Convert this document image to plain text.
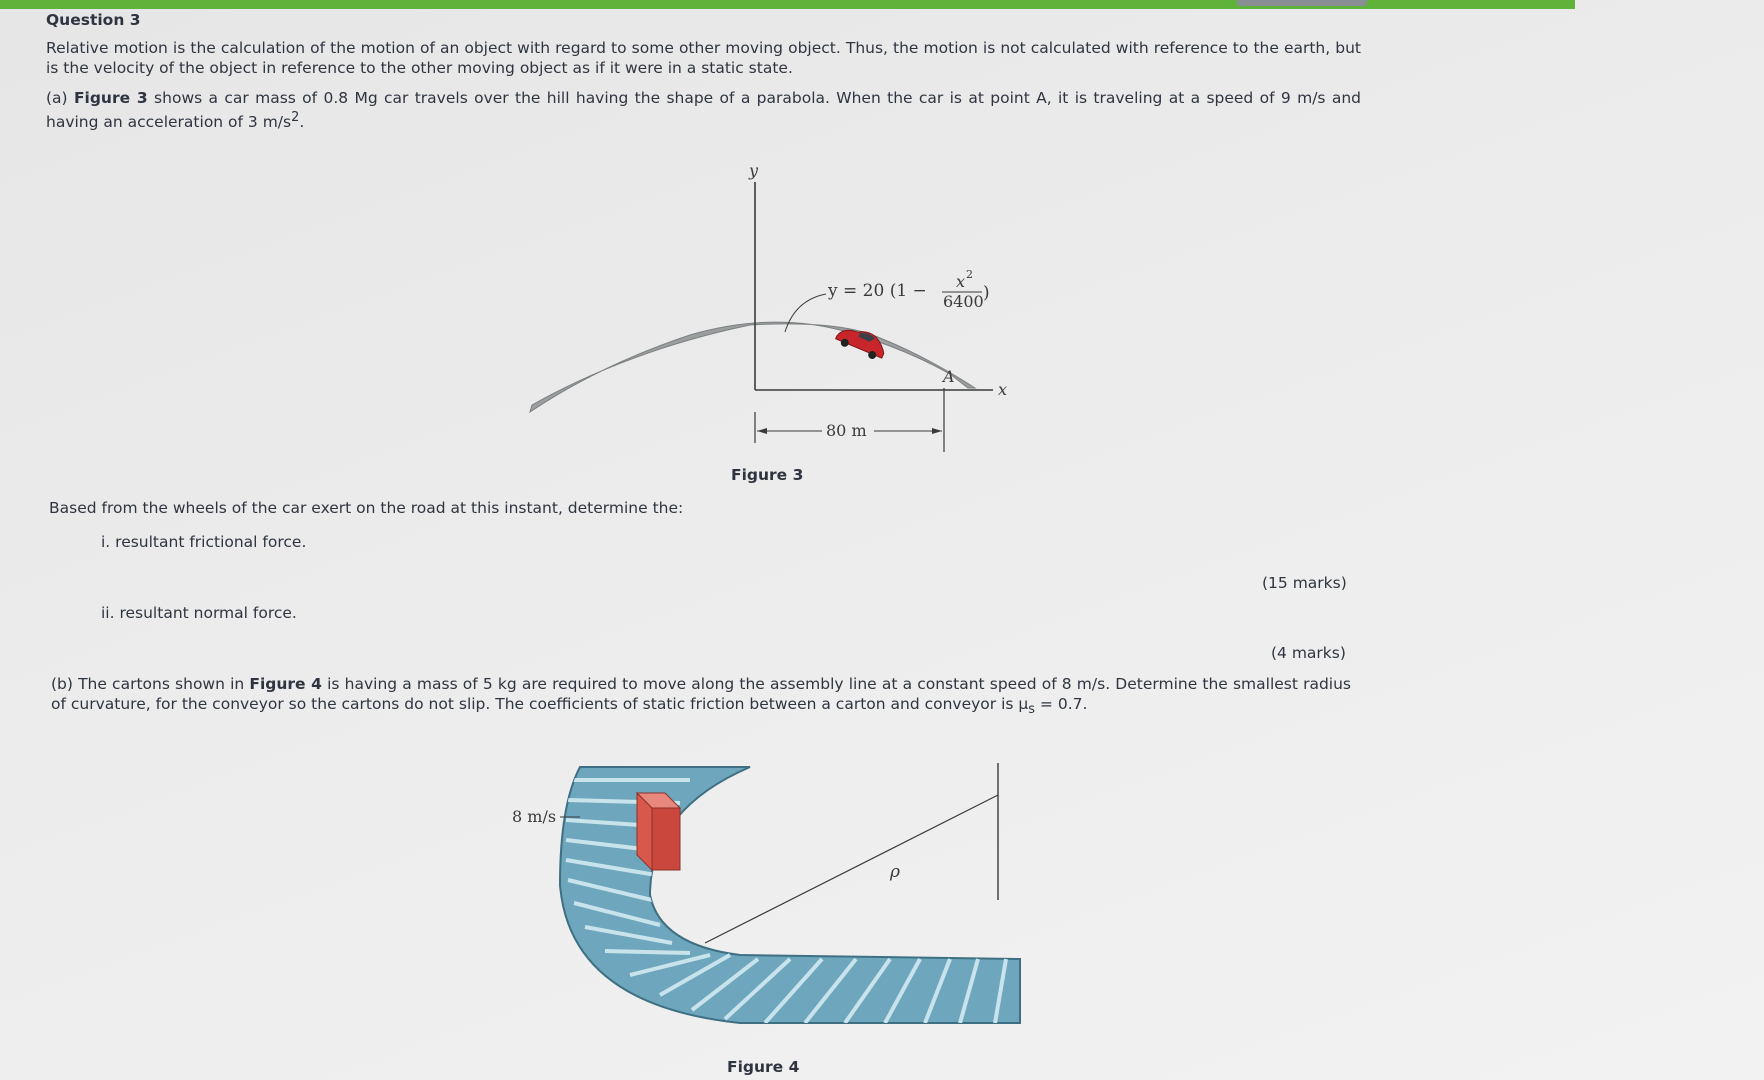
Question 3
Relative motion is the calculation of the motion of an object with regard to some other moving object. Thus, the motion is not calculated with reference to the earth, but is the velocity of the object in reference to the other moving object as if it were in a static state.
(a) Figure 3 shows a car mass of 0.8 Mg car travels over the hill having the shape of a parabola. When the car is at point A, it is traveling at a speed of 9 m/s and having an acceleration of 3 $m/s^2$.
y
x
A
80 m
y = 20 (1 − x 2
6400 )
Figure 3
Based from the wheels of the car exert on the road at this instant, determine the:
i. resultant frictional force.
(15 marks)
ii. resultant normal force.
(4 marks)
(b) The cartons shown in Figure 4 is having a mass of 5 kg are required to move along the assembly line at a constant speed of 8 m/s. Determine the smallest radius of curvature, for the conveyor so the cartons do not slip. The coefficients of static friction between a carton and conveyor is $\mu_s = 0.7$.
8 m/s
ρ
Figure 4
